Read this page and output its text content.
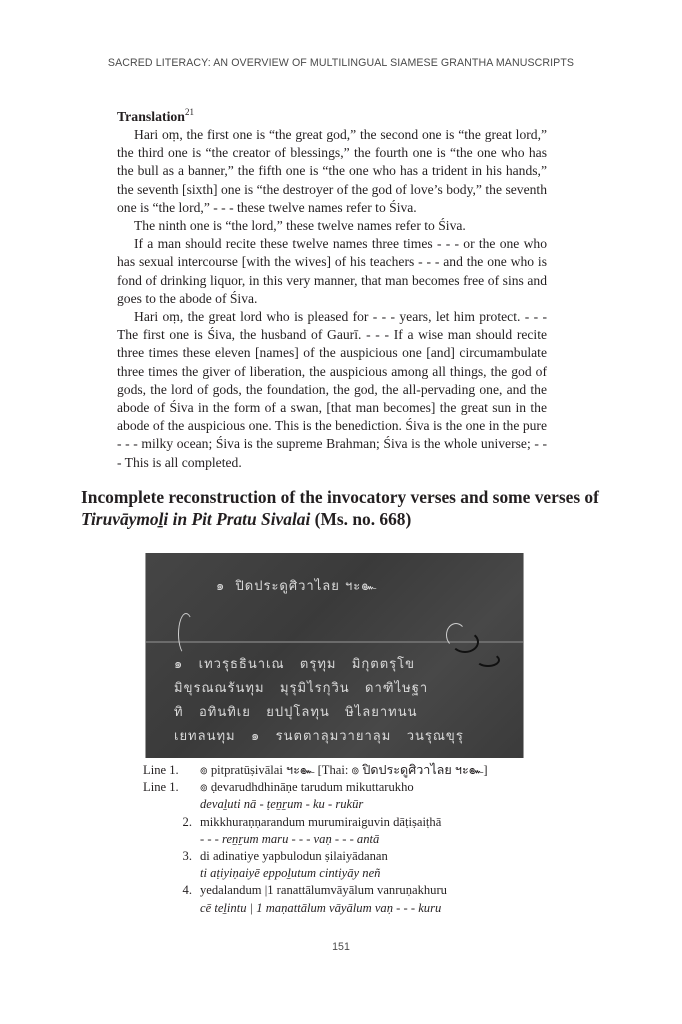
SACRED LITERACY: AN OVERVIEW OF MULTILINGUAL SIAMESE GRANTHA MANUSCRIPTS
Translation$^{21}$

Hari oṃ, the first one is “the great god,” the second one is “the great lord,” the third one is “the creator of blessings,” the fourth one is “the one who has the bull as a banner,” the fifth one is “the one who has a trident in his hands,” the seventh [sixth] one is “the destroyer of the god of love’s body,” the seventh one is “the lord,” - - - these twelve names refer to Śiva.

The ninth one is “the lord,” these twelve names refer to Śiva.

If a man should recite these twelve names three times - - - or the one who has sexual intercourse [with the wives] of his teachers - - - and the one who is fond of drinking liquor, in this very manner, that man becomes free of sins and goes to the abode of Śiva.

Hari oṃ, the great lord who is pleased for - - - years, let him protect. - - - The first one is Śiva, the husband of Gaurī. - - - If a wise man should recite three times these eleven [names] of the auspicious one [and] circumambulate three times the giver of liberation, the auspicious among all things, the god of gods, the lord of gods, the foundation, the god, the all-pervading one, and the abode of Śiva in the form of a swan, [that man becomes] the great sun in the abode of the auspicious one. This is the benediction. Śiva is the one in the pure - - - milky ocean; Śiva is the supreme Brahman; Śiva is the whole universe; - - - This is all completed.

Incomplete reconstruction of the invocatory verses and some verses of Tiruvāymoḻi in Pit Pratu Sivalai (Ms. no. 668)
๑  ปิดประดูศิวาไลย ฯะ๛
๑   เทวรุธธินาเณ   ตรุทุม   มิกุตตรุโข
มิขุรณณรันทุม   มุรุมิไรกุวิน   ดาฑิไษฐา
ทิ   อทินทิเย   ยปปุโลทุน   ษิไลยาทนน
เยทลนทุม   ๑   รนตตาลุมวายาลุม   วนรุณขุรุ
Line 1.	๏ pitpratūṣivālai ฯะ๛ [Thai: ๏ ปิดประดูศิวาไลย ฯะ๛]
Line 1.	๏ ḍevarudhdhināṇe tarudum mikuttarukho
devaḻuti nā - ṭeṉṟum - ku - rukūr
2. mikkhuraṇṇarandum murumiraiguvin dāṭiṣaiṭhā
- - - reṉṟum maru - - - vaṇ - - - antā
3. di adinatiye yapbulodun ṣilaiyādanan
ti aṭiyiṇaiyē eppoḻutum cintiyāy neñ
4. yedalandum |1 ranattālumvāyālum vanruṇakhuru
cē teḻintu | 1 maṇattālum vāyālum vaṇ - - - kuru
151
